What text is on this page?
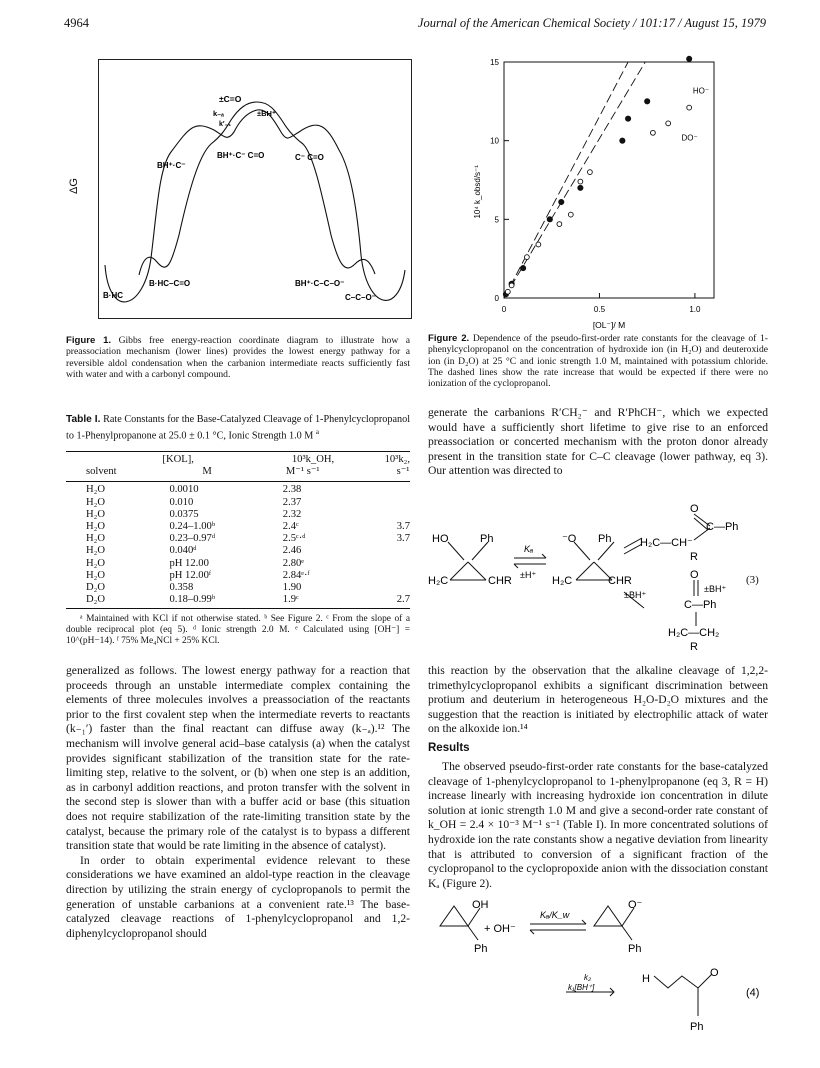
4964	Journal of the American Chemical Society / 101:17 / August 15, 1979
±C=O
k₋ₐ	±BH⁺
k′₋₁
BH⁺·C⁻
BH⁺·C⁻ C=O	C⁻ C=O
B·HC
B·HC–C=O	BH⁺·C–C–O⁻
C–C–O⁻
ΔG
Figure 1. Gibbs free energy-reaction coordinate diagram to illustrate how a preassociation mechanism (lower lines) provides the lowest energy pathway for a reversible aldol condensation when the carbanion intermediate reacts sufficiently fast with water and with a carbonyl compound.
Table I. Rate Constants for the Base-Catalyzed Cleavage of 1-Phenylcyclopropanol to 1-Phenylpropanone at 25.0 ± 0.1 °C, Ionic Strength 1.0 M $^a$
	[KOL],	10³k_OH,	10³k₂,
solvent	M	M⁻¹ s⁻¹	s⁻¹
H₂O	0.0010	2.38	
H₂O	0.010	2.37	
H₂O	0.0375	2.32	
H₂O	0.24–1.00ᵇ	2.4ᶜ	3.7
H₂O	0.23–0.97ᵈ	2.5ᶜ·ᵈ	3.7
H₂O	0.040ᵈ	2.46	
H₂O	pH 12.00	2.80ᵉ	
H₂O	pH 12.00ᶠ	2.84ᵉ·ᶠ	
D₂O	0.358	1.90	
D₂O	0.18–0.99ᵇ	1.9ᶜ	2.7
ᵃ Maintained with KCl if not otherwise stated. ᵇ See Figure 2. ᶜ From the slope of a double reciprocal plot (eq 5). ᵈ Ionic strength 2.0 M. ᵉ Calculated using [OH⁻] = 10^(pH−14). ᶠ 75% Me₄NCl + 25% KCl.
generalized as follows. The lowest energy pathway for a reaction that proceeds through an unstable intermediate complex containing the elements of three molecules involves a preassociation of the reactants prior to the first covalent step when the intermediate reverts to reactants (k₋₁′) faster than the final reactant can diffuse away (k₋ₐ).¹² The mechanism will involve general acid–base catalysis (a) when the catalyst provides significant stabilization of the transition state for the rate-limiting step, relative to the solvent, or (b) when one step is an addition, as in carbonyl addition reactions, and proton transfer with the solvent in the second step is slower than with a buffer acid or base (this situation does not require stabilization of the rate-limiting transition state by the catalyst, because the primary role of the catalyst is to bypass a different transition state that would be rate limiting in the absence of catalyst).
In order to obtain experimental evidence relevant to these considerations we have examined an aldol-type reaction in the cleavage direction by utilizing the strain energy of cyclopropanols to permit the generation of unstable carbanions at a convenient rate.¹³ The base-catalyzed cleavage reactions of 1-phenylcyclopropanol and 1,2-diphenylcyclopropanol should
0	0.5	1.0
0
5
10
15
[OL⁻]/ M
10⁴ k_obsd/s⁻¹
HO⁻
DO⁻
Figure 2. Dependence of the pseudo-first-order rate constants for the cleavage of 1-phenylcyclopropanol on the concentration of hydroxide ion (in H₂O) and deuteroxide ion (in D₂O) at 25 °C and ionic strength 1.0 M, maintained with potassium chloride. The dashed lines show the rate increase that would be expected if there were no ionization of the cyclopropanol.
generate the carbanions R′CH₂⁻ and R′PhCH⁻, which we expected would have a sufficiently short lifetime to give rise to an enforced preassociation or concerted mechanism with the proton donor already present in the transition state for C–C cleavage (lower pathway, eq 3). Our attention was directed to
HO	Ph
H₂C	CHR
Kₐ
±H⁺
⁻O Ph
H₂C	CHR
±BH⁺
O
C—Ph
H₂C—CH⁻
R
O
±BH⁺
C—Ph
H₂C—CH₂
R
(3)
this reaction by the observation that the alkaline cleavage of 1,2,2-trimethylcyclopropanol exhibits a significant discrimination between protium and deuterium in heterogeneous H₂O-D₂O mixtures and the suggestion that the reaction is initiated by electrophilic attack of water on the alkoxide ion.¹⁴
Results
The observed pseudo-first-order rate constants for the base-catalyzed cleavage of 1-phenylcyclopropanol to 1-phenylpropanone (eq 3, R = H) increase linearly with increasing hydroxide ion concentration in dilute solution at ionic strength 1.0 M and give a second-order rate constant of k_OH = 2.4 × 10⁻³ M⁻¹ s⁻¹ (Table I). In more concentrated solutions of hydroxide ion the rate constants show a negative deviation from linearity that is attributed to conversion of a significant fraction of the cyclopropanol to the cyclopropoxide anion with the dissociation constant Kₐ (Figure 2).
OH
Ph
+ OH⁻
Kₐ/K_w
O⁻
Ph
k₂
k₁[BH⁺]
H	O
Ph
(4)
